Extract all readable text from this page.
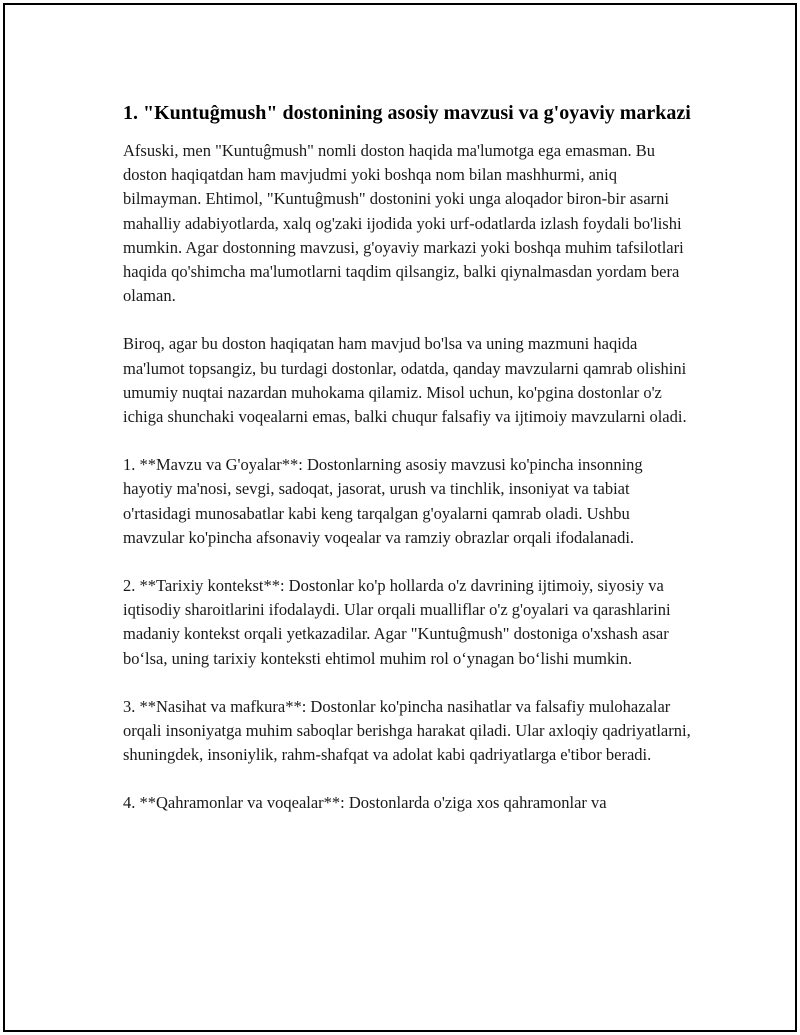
1. "Kuntuĝmush" dostonining asosiy mavzusi va g'oyaviy markazi

Afsuski, men "Kuntuĝmush" nomli doston haqida ma'lumotga ega emasman. Bu doston haqiqatdan ham mavjudmi yoki boshqa nom bilan mashhurmi, aniq bilmayman. Ehtimol, "Kuntuĝmush" dostonini yoki unga aloqador biron-bir asarni mahalliy adabiyotlarda, xalq og'zaki ijodida yoki urf-odatlarda izlash foydali bo'lishi mumkin. Agar dostonning mavzusi, g'oyaviy markazi yoki boshqa muhim tafsilotlari haqida qo'shimcha ma'lumotlarni taqdim qilsangiz, balki qiynalmasdan yordam bera olaman.

Biroq, agar bu doston haqiqatan ham mavjud bo'lsa va uning mazmuni haqida ma'lumot topsangiz, bu turdagi dostonlar, odatda, qanday mavzularni qamrab olishini umumiy nuqtai nazardan muhokama qilamiz. Misol uchun, ko'pgina dostonlar o'z ichiga shunchaki voqealarni emas, balki chuqur falsafiy va ijtimoiy mavzularni oladi.

1. **Mavzu va G'oyalar**: Dostonlarning asosiy mavzusi ko'pincha insonning hayotiy ma'nosi, sevgi, sadoqat, jasorat, urush va tinchlik, insoniyat va tabiat o'rtasidagi munosabatlar kabi keng tarqalgan g'oyalarni qamrab oladi. Ushbu mavzular ko'pincha afsonaviy voqealar va ramziy obrazlar orqali ifodalanadi.

2. **Tarixiy kontekst**: Dostonlar ko'p hollarda o'z davrining ijtimoiy, siyosiy va iqtisodiy sharoitlarini ifodalaydi. Ular orqali mualliflar o'z g'oyalari va qarashlarini madaniy kontekst orqali yetkazadilar. Agar "Kuntuĝmush" dostoniga o'xshash asar bo‘lsa, uning tarixiy konteksti ehtimol muhim rol o‘ynagan bo‘lishi mumkin.

3. **Nasihat va mafkura**: Dostonlar ko'pincha nasihatlar va falsafiy mulohazalar orqali insoniyatga muhim saboqlar berishga harakat qiladi. Ular axloqiy qadriyatlarni, shuningdek, insoniylik, rahm-shafqat va adolat kabi qadriyatlarga e'tibor beradi.

4. **Qahramonlar va voqealar**: Dostonlarda o'ziga xos qahramonlar va
